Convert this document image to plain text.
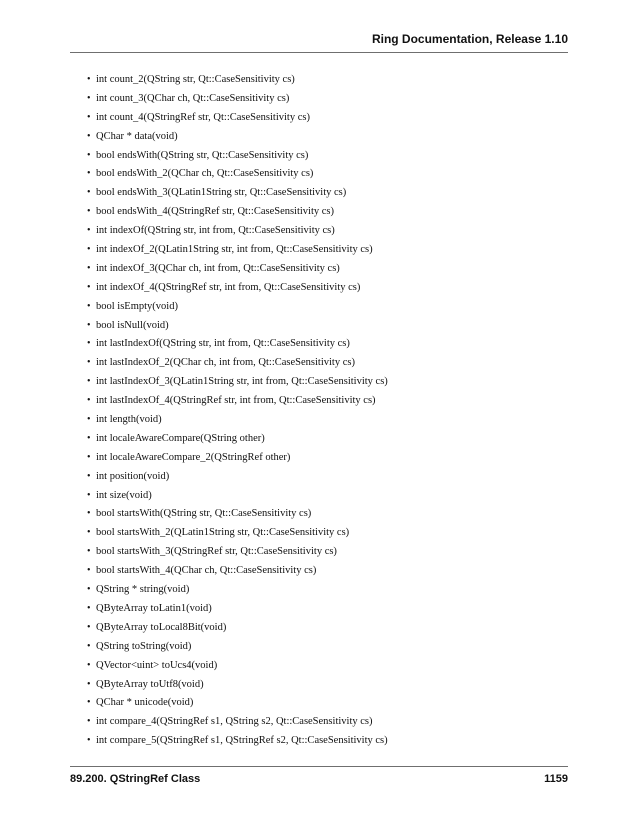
Ring Documentation, Release 1.10
• int count_2(QString str, Qt::CaseSensitivity cs)
• int count_3(QChar ch, Qt::CaseSensitivity cs)
• int count_4(QStringRef str, Qt::CaseSensitivity cs)
• QChar * data(void)
• bool endsWith(QString str, Qt::CaseSensitivity cs)
• bool endsWith_2(QChar ch, Qt::CaseSensitivity cs)
• bool endsWith_3(QLatin1String str, Qt::CaseSensitivity cs)
• bool endsWith_4(QStringRef str, Qt::CaseSensitivity cs)
• int indexOf(QString str, int from, Qt::CaseSensitivity cs)
• int indexOf_2(QLatin1String str, int from, Qt::CaseSensitivity cs)
• int indexOf_3(QChar ch, int from, Qt::CaseSensitivity cs)
• int indexOf_4(QStringRef str, int from, Qt::CaseSensitivity cs)
• bool isEmpty(void)
• bool isNull(void)
• int lastIndexOf(QString str, int from, Qt::CaseSensitivity cs)
• int lastIndexOf_2(QChar ch, int from, Qt::CaseSensitivity cs)
• int lastIndexOf_3(QLatin1String str, int from, Qt::CaseSensitivity cs)
• int lastIndexOf_4(QStringRef str, int from, Qt::CaseSensitivity cs)
• int length(void)
• int localeAwareCompare(QString other)
• int localeAwareCompare_2(QStringRef other)
• int position(void)
• int size(void)
• bool startsWith(QString str, Qt::CaseSensitivity cs)
• bool startsWith_2(QLatin1String str, Qt::CaseSensitivity cs)
• bool startsWith_3(QStringRef str, Qt::CaseSensitivity cs)
• bool startsWith_4(QChar ch, Qt::CaseSensitivity cs)
• QString * string(void)
• QByteArray toLatin1(void)
• QByteArray toLocal8Bit(void)
• QString toString(void)
• QVector<uint> toUcs4(void)
• QByteArray toUtf8(void)
• QChar * unicode(void)
• int compare_4(QStringRef s1, QString s2, Qt::CaseSensitivity cs)
• int compare_5(QStringRef s1, QStringRef s2, Qt::CaseSensitivity cs)
89.200. QStringRef Class	1159
